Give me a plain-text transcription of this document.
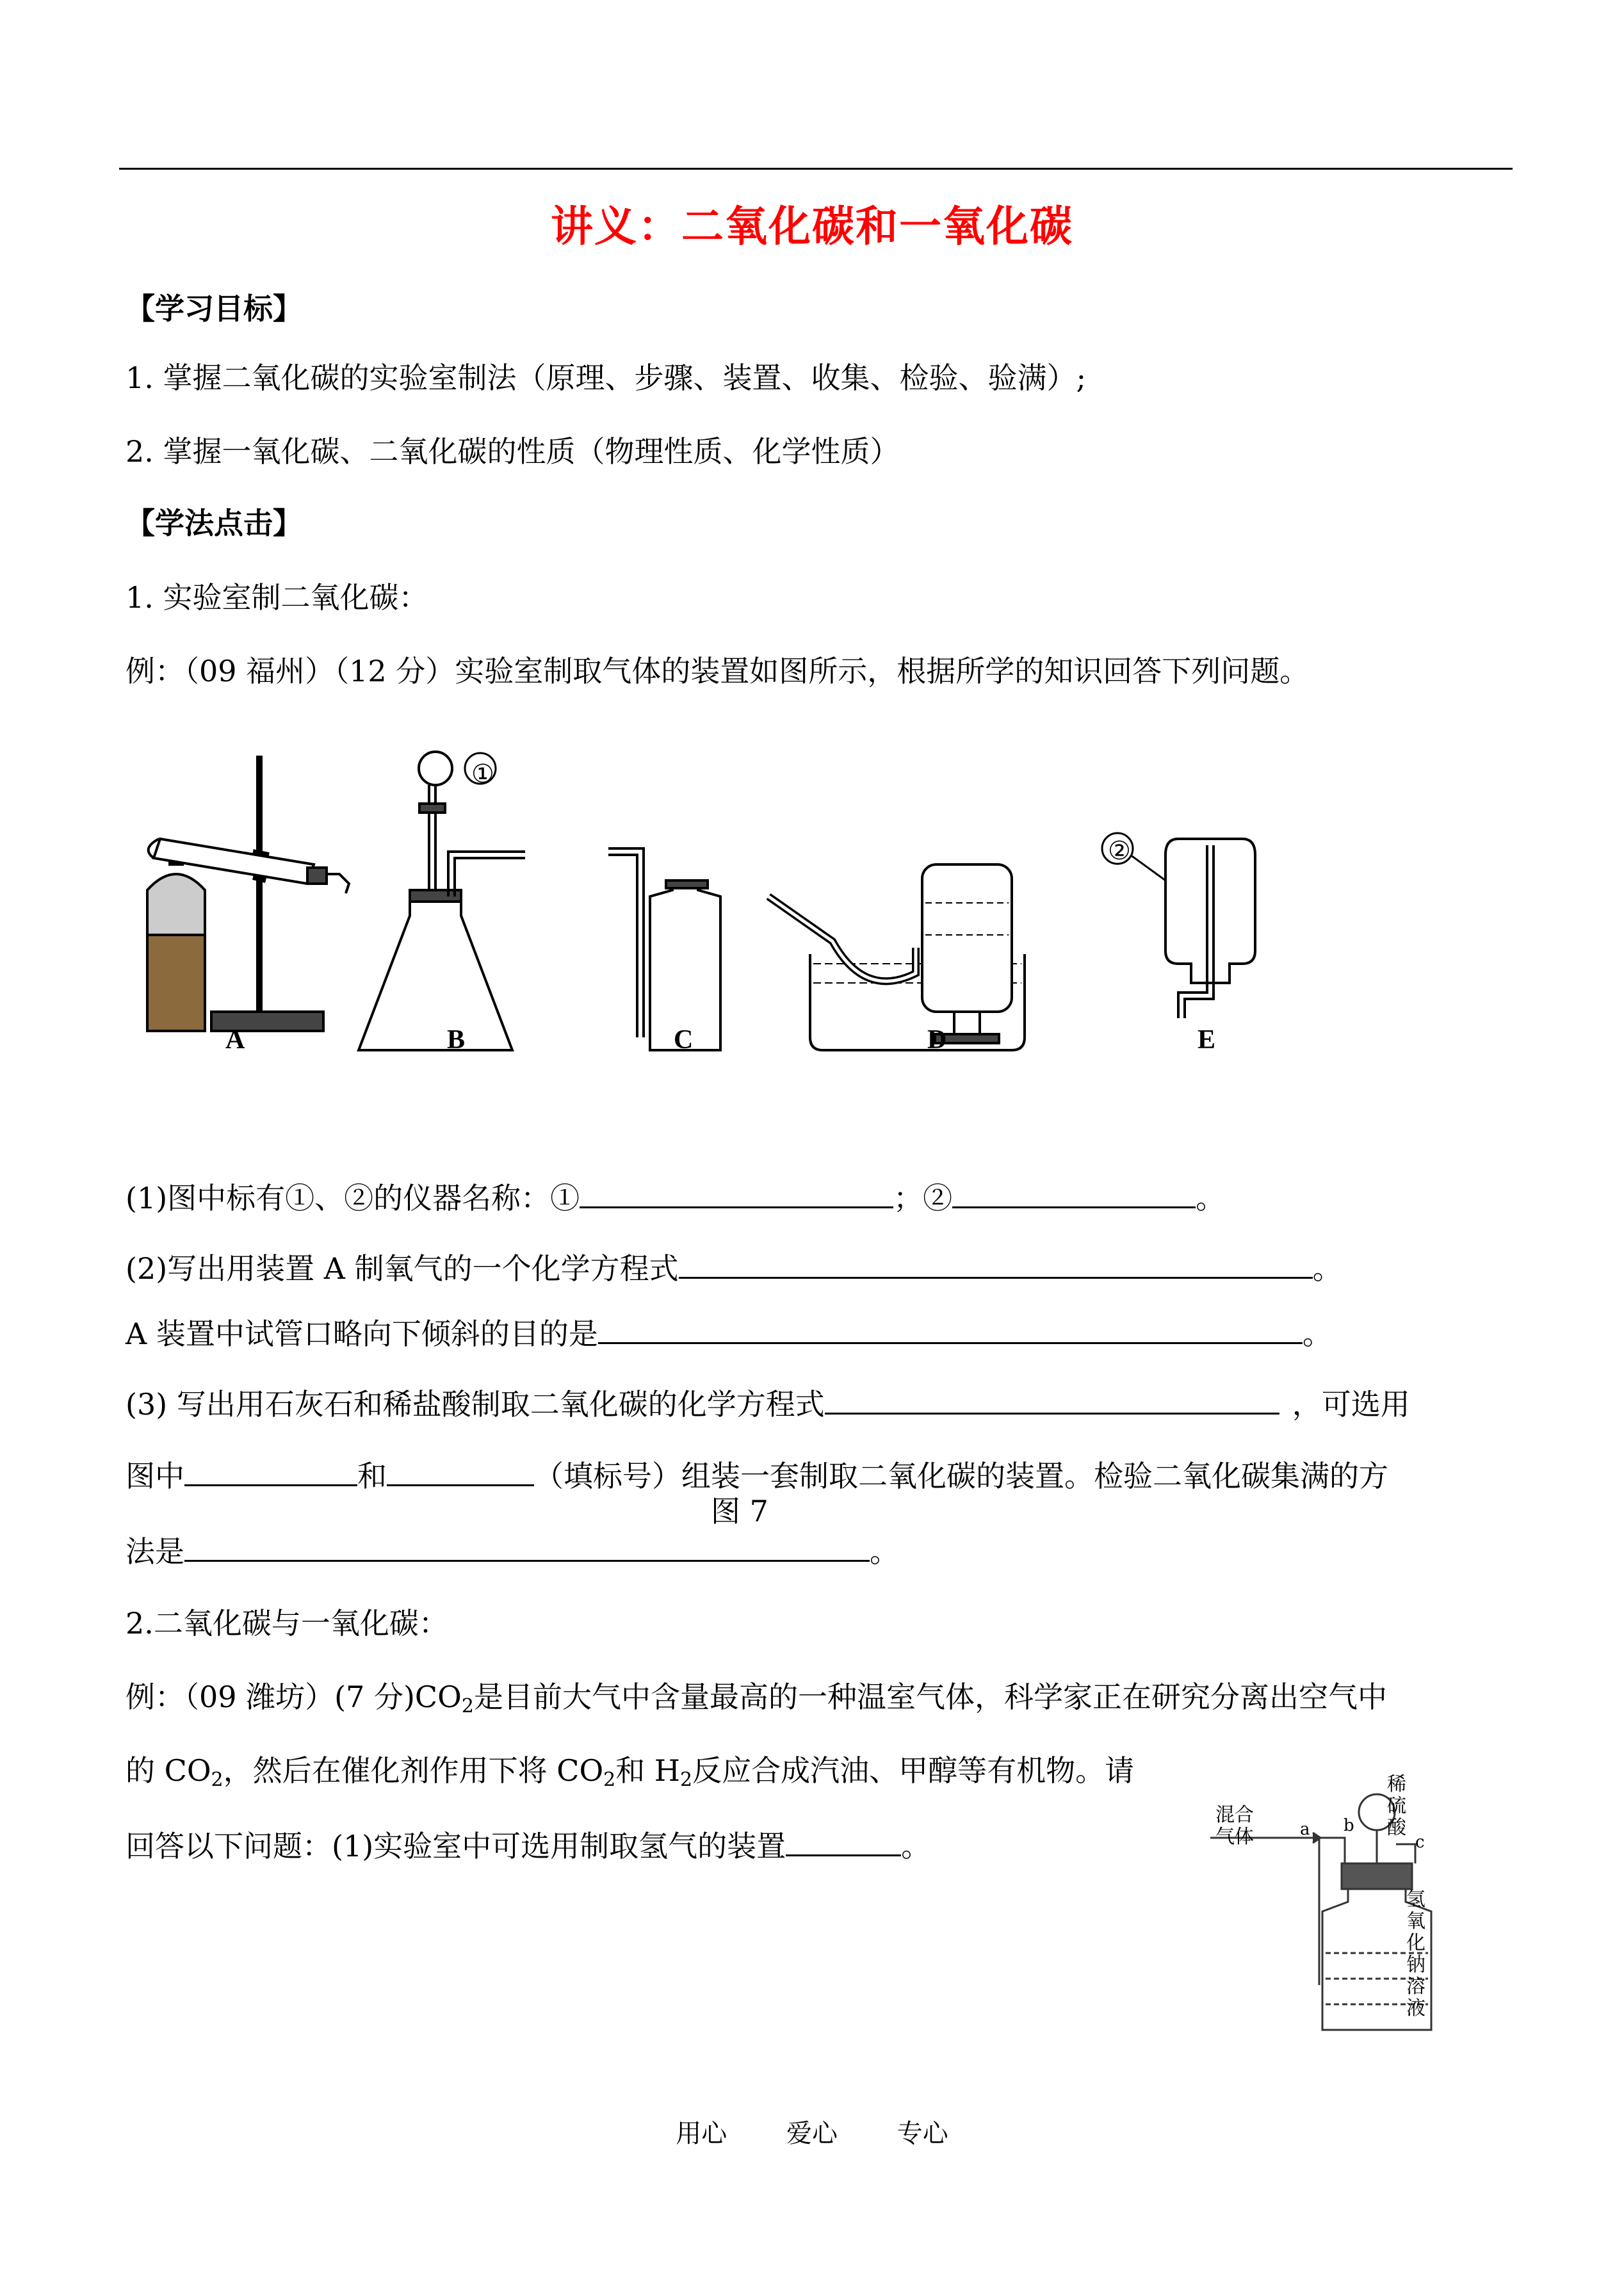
讲义：二氧化碳和一氧化碳
【学习目标】
1. 掌握二氧化碳的实验室制法（原理、步骤、装置、收集、检验、验满）;
2. 掌握一氧化碳、二氧化碳的性质（物理性质、化学性质）
【学法点击】
1. 实验室制二氧化碳：
例：（09 福州）（12 分）实验室制取气体的装置如图所示，根据所学的知识回答下列问题。
①
②
A	B	C	D	E
(1)图中标有①、②的仪器名称：①	；②	。
(2)写出用装置 A 制氧气的一个化学方程式	。
A 装置中试管口略向下倾斜的目的是	。
(3) 写出用石灰石和稀盐酸制取二氧化碳的化学方程式	，可选用
图中	和	（填标号）组装一套制取二氧化碳的装置。检验二氧化碳集满的方
图 7
法是	。
2.二氧化碳与一氧化碳：
例：（09 潍坊）(7 分)$CO_2$是目前大气中含量最高的一种温室气体，科学家正在研究分离出空气中
的 $CO_2$，然后在催化剂作用下将 $CO_2$和 $H_2$反应合成汽油、甲醇等有机物。请
回答以下问题：(1)实验室中可选用制取氢气的装置	。
混合
气体
稀
硫
酸
氢
氧
化
钠
溶
液
a b
c
用心 爱心 专心
